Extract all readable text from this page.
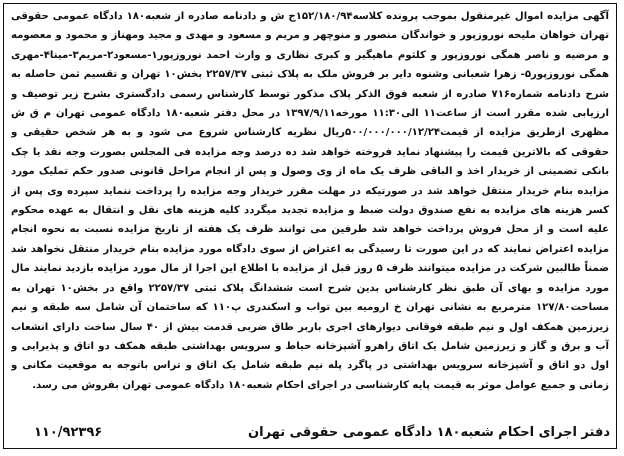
آگهی مزایده اموال غیرمنقول بموجب پرونده کلاسه۱۵۲/۱۸۰/۹۴ج ش و دادنامه صادره از شعبه۱۸۰ دادگاه عمومی حقوقی تهران خواهان ملیحه نوروزپور و خواندگان منصور و منوچهر و مریم و مسعود و مهدی و مجید ومهناز و محمود و معصومه و مرضیه و ناصر همگی نوروزپور و کلثوم ماهیگیر و کبری نظاری و وارث احمد نوروزپور۱-مسعود۲-مریم۳-مینا۴-مهری همگی نوروزپور۵- زهرا شعبانی وشنوه دایر بر فروش ملک به پلاک ثبتی ۲۲۵۷/۳۷ بخش۱۰ تهران و تقسیم ثمن حاصله به شرح دادنامه شماره۷۱۶ صادره از شعبه فوق الذکر پلاک مذکور توسط کارشناس رسمی دادگستری بشرح زیر توصیف و ارزیابی شده مقرر است از ساعت۱۱ الی۱۱:۳۰ مورخه۱۳۹۷/۹/۱۱ در محل دفتر شعبه۱۸۰ دادگاه عمومی تهران م ق ش مظهری ازطریق مزایده از قیمت۵۰۰/۰۰۰/۰۰۰/۱۲/۲۴ریال نظریه کارشناس شروع می شود و به هر شخص حقیقی و حقوقی که بالاترین قیمت را پیشنهاد نماید فروخته خواهد شد ده درصد وجه مزایده فی المجلس بصورت وجه نقد یا چک بانکی تضمینی از خریدار اخذ و الباقی ظرف یک ماه از وی وصول و پس از انجام مراحل قانونی صدور حکم تملیک مورد مزایده بنام خریدار منتقل خواهد شد در صورتیکه در مهلت مقرر خریدار وجه مزایده را پرداخت ننماید سپرده وی پس از کسر هزینه های مزایده به نفع صندوق دولت ضبط و مزایده تجدید میگردد کلیه هزینه های نقل و انتقال به عهده محکوم علیه است و از محل فروش پرداخت خواهد شد طرفین می توانند ظرف یک هفته از تاریخ مزایده نسبت به نحوه انجام مزایده اعتراض نمایند که در این صورت تا رسیدگی به اعتراض از سوی دادگاه مورد مزایده بنام خریدار منتقل نخواهد شد ضمناً طالبین شرکت در مزایده میتوانند ظرف ۵ روز قبل از مزایده با اطلاع این اجرا از مال مورد مزایده بازدید نمایند مال مورد مزایده و بهای آن طبق نظر کارشناس بدین شرح است ششدانگ پلاک ثبتی ۲۲۵۷/۳۷ واقع در بخش۱۰ تهران به مساحت۱۲۷/۸۰ مترمربع به نشانی تهران خ ارومیه بین تواب و اسکندری پ۱۱۰ که ساختمان آن شامل سه طبقه و نیم زیرزمین همکف اول و نیم طبقه فوقانی دیوارهای اجری باربر طاق ضربی قدمت بیش از ۴۰ سال ساخت دارای انشعاب آب و برق و گاز و زیرزمین شامل یک اتاق راهرو آشپزخانه حیاط و سرویس بهداشتی طبقه همکف دو اتاق و پذیرایی و اول دو اتاق و آشپزخانه سرویس بهداشتی در پاگرد پله نیم طبقه شامل یک اتاق و تراس باتوجه به موقعیت مکانی و زمانی و جمیع عوامل موثر به قیمت پایه کارشناسی در اجرای احکام شعبه۱۸۰ دادگاه عمومی تهران بفروش می رسد.
دفتر اجرای احکام شعبه۱۸۰ دادگاه عمومی حقوقی تهران
۱۱۰/۹۲۳۹۶
